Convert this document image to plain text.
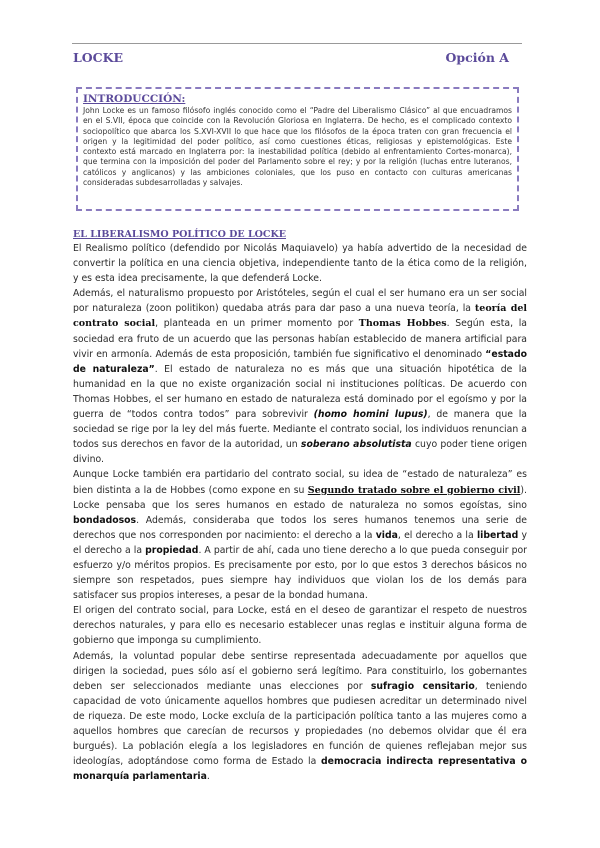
LOCKE	Opción A
INTRODUCCIÓN:

John Locke es un famoso filósofo inglés conocido como el “Padre del Liberalismo Clásico” al que encuadramos en el S.VII, época que coincide con la Revolución Gloriosa en Inglaterra. De hecho, es el complicado contexto sociopolítico que abarca los S.XVI-XVII lo que hace que los filósofos de la época traten con gran frecuencia el origen y la legitimidad del poder político, así como cuestiones éticas, religiosas y epistemológicas. Este contexto está marcado en Inglaterra por: la inestabilidad política (debido al enfrentamiento Cortes-monarca), que termina con la imposición del poder del Parlamento sobre el rey; y por la religión (luchas entre luteranos, católicos y anglicanos) y las ambiciones coloniales, que los puso en contacto con culturas americanas consideradas subdesarrolladas y salvajes.

EL LIBERALISMO POLÍTICO DE LOCKE

El Realismo político (defendido por Nicolás Maquiavelo) ya había advertido de la necesidad de convertir la política en una ciencia objetiva, independiente tanto de la ética como de la religión, y es esta idea precisamente, la que defenderá Locke.

Además, el naturalismo propuesto por Aristóteles, según el cual el ser humano era un ser social por naturaleza (zoon politikon) quedaba atrás para dar paso a una nueva teoría, la teoría del contrato social, planteada en un primer momento por Thomas Hobbes. Según esta, la sociedad era fruto de un acuerdo que las personas habían establecido de manera artificial para vivir en armonía. Además de esta proposición, también fue significativo el denominado “estado de naturaleza”. El estado de naturaleza no es más que una situación hipotética de la humanidad en la que no existe organización social ni instituciones políticas. De acuerdo con Thomas Hobbes, el ser humano en estado de naturaleza está dominado por el egoísmo y por la guerra de “todos contra todos” para sobrevivir (homo homini lupus), de manera que la sociedad se rige por la ley del más fuerte. Mediante el contrato social, los individuos renuncian a todos sus derechos en favor de la autoridad, un soberano absolutista cuyo poder tiene origen divino.

Aunque Locke también era partidario del contrato social, su idea de “estado de naturaleza” es bien distinta a la de Hobbes (como expone en su Segundo tratado sobre el gobierno civil). Locke pensaba que los seres humanos en estado de naturaleza no somos egoístas, sino bondadosos. Además, consideraba que todos los seres humanos tenemos una serie de derechos que nos corresponden por nacimiento: el derecho a la vida, el derecho a la libertad y el derecho a la propiedad. A partir de ahí, cada uno tiene derecho a lo que pueda conseguir por esfuerzo y/o méritos propios. Es precisamente por esto, por lo que estos 3 derechos básicos no siempre son respetados, pues siempre hay individuos que violan los de los demás para satisfacer sus propios intereses, a pesar de la bondad humana.

El origen del contrato social, para Locke, está en el deseo de garantizar el respeto de nuestros derechos naturales, y para ello es necesario establecer unas reglas e instituir alguna forma de gobierno que imponga su cumplimiento.

Además, la voluntad popular debe sentirse representada adecuadamente por aquellos que dirigen la sociedad, pues sólo así el gobierno será legítimo. Para constituirlo, los gobernantes deben ser seleccionados mediante unas elecciones por sufragio censitario, teniendo capacidad de voto únicamente aquellos hombres que pudiesen acreditar un determinado nivel de riqueza. De este modo, Locke excluía de la participación política tanto a las mujeres como a aquellos hombres que carecían de recursos y propiedades (no debemos olvidar que él era burgués). La población elegía a los legisladores en función de quienes reflejaban mejor sus ideologías, adoptándose como forma de Estado la democracia indirecta representativa o monarquía parlamentaria.
